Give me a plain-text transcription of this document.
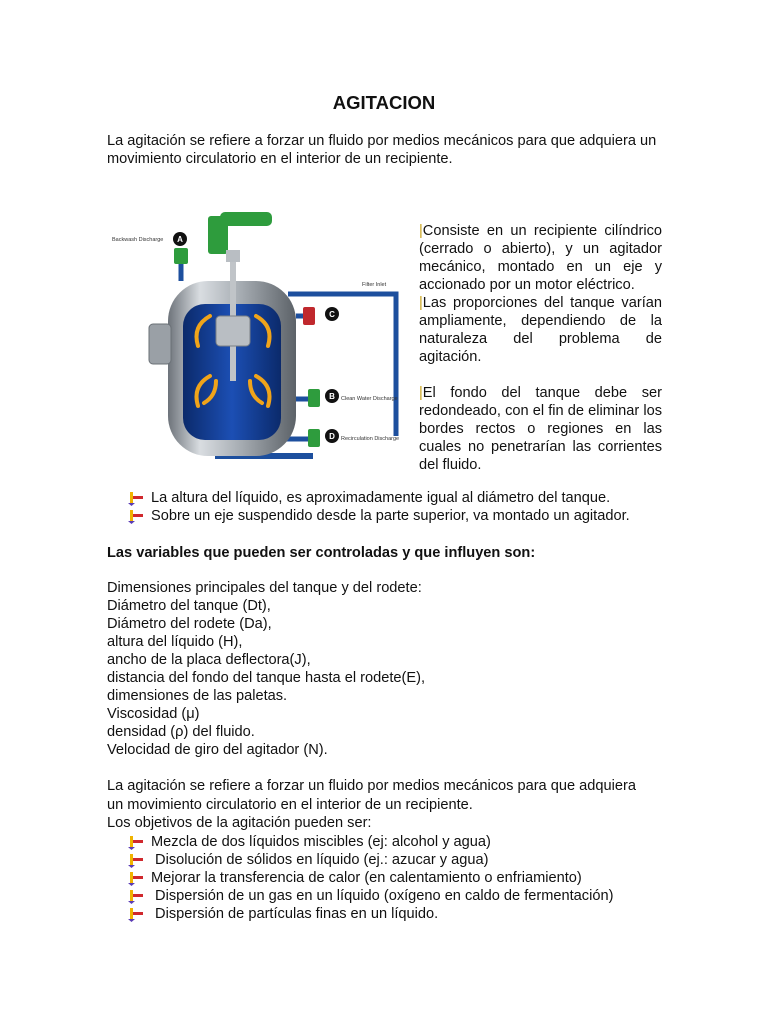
AGITACION

La agitación se refiere a forzar un fluido por medios mecánicos para que adquiera un movimiento circulatorio en el interior de un recipiente.

A
B
C
D
Backwash Discharge
Filter Inlet
Clean Water Discharge
Recirculation Discharge

|Consiste en un recipiente cilíndrico (cerrado o abierto), y un agitador mecánico, montado en un eje y accionado por un motor eléctrico.

|Las proporciones del tanque varían ampliamente, dependiendo de la naturaleza del problema de agitación.

|El fondo del tanque debe ser redondeado, con el fin de eliminar los bordes rectos o regiones en las cuales no penetrarían las corrientes del fluido.

La altura del líquido, es aproximadamente igual al diámetro del tanque.
Sobre un eje suspendido desde la parte superior, va montado un agitador.

Las variables que pueden ser controladas y que influyen son:

Dimensiones principales del tanque y del rodete:
Diámetro del tanque (Dt),
Diámetro del rodete (Da),
altura del líquido (H),
ancho de la placa deflectora(J),
distancia del fondo del tanque hasta el rodete(E),
dimensiones de las paletas.
Viscosidad (μ)
densidad (ρ) del fluido.
Velocidad de giro del agitador (N).
La agitación se refiere a forzar un fluido por medios mecánicos para que adquiera
un movimiento circulatorio en el interior de un recipiente.
Los objetivos de la agitación pueden ser:
Mezcla de dos líquidos miscibles (ej: alcohol y agua)
Disolución de sólidos en líquido (ej.: azucar y agua)
Mejorar la transferencia de calor (en calentamiento o enfriamiento)
Dispersión de un gas en un líquido (oxígeno en caldo de fermentación)
Dispersión de partículas finas en un líquido.
